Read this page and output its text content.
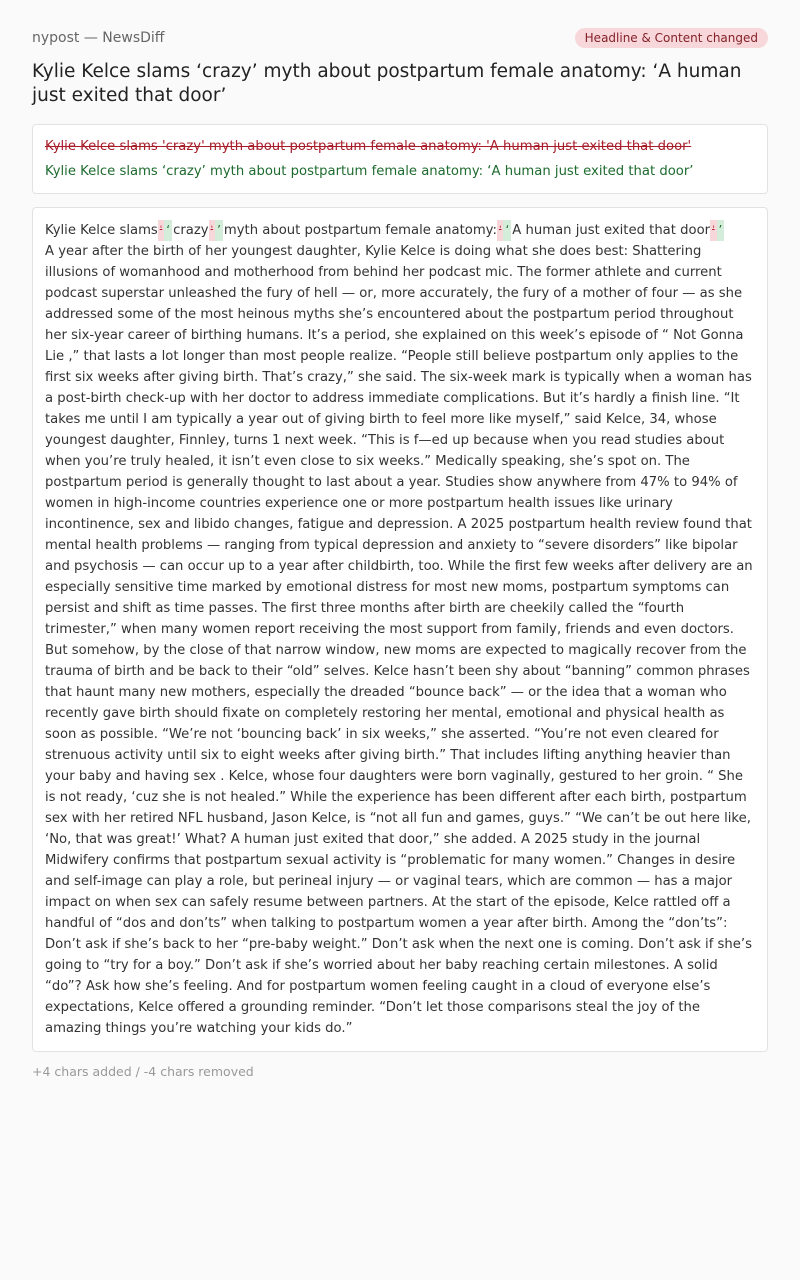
nypost — NewsDiff	Headline & Content changed
Kylie Kelce slams ‘crazy’ myth about postpartum female anatomy: ‘A human just exited that door’
Kylie Kelce slams 'crazy' myth about postpartum female anatomy: 'A human just exited that door'
Kylie Kelce slams ‘crazy’ myth about postpartum female anatomy: ‘A human just exited that door’
Kylie Kelce slams ' ‘ crazy ' ’ myth about postpartum female anatomy: ' ‘ A human just exited that door ' ’

A year after the birth of her youngest daughter, Kylie Kelce is doing what she does best: Shattering illusions of womanhood and motherhood from behind her podcast mic. The former athlete and current podcast superstar unleashed the fury of hell — or, more accurately, the fury of a mother of four — as she addressed some of the most heinous myths she’s encountered about the postpartum period throughout her six-year career of birthing humans. It’s a period, she explained on this week’s episode of “ Not Gonna Lie ,” that lasts a lot longer than most people realize. “People still believe postpartum only applies to the first six weeks after giving birth. That’s crazy,” she said. The six-week mark is typically when a woman has a post-birth check-up with her doctor to address immediate complications. But it’s hardly a finish line. “It takes me until I am typically a year out of giving birth to feel more like myself,” said Kelce, 34, whose youngest daughter, Finnley, turns 1 next week. “This is f—ed up because when you read studies about when you’re truly healed, it isn’t even close to six weeks.” Medically speaking, she’s spot on. The postpartum period is generally thought to last about a year. Studies show anywhere from 47% to 94% of women in high-income countries experience one or more postpartum health issues like urinary incontinence, sex and libido changes, fatigue and depression. A 2025 postpartum health review found that mental health problems — ranging from typical depression and anxiety to “severe disorders” like bipolar and psychosis — can occur up to a year after childbirth, too. While the first few weeks after delivery are an especially sensitive time marked by emotional distress for most new moms, postpartum symptoms can persist and shift as time passes. The first three months after birth are cheekily called the “fourth trimester,” when many women report receiving the most support from family, friends and even doctors. But somehow, by the close of that narrow window, new moms are expected to magically recover from the trauma of birth and be back to their “old” selves. Kelce hasn’t been shy about “banning” common phrases that haunt many new mothers, especially the dreaded “bounce back” — or the idea that a woman who recently gave birth should fixate on completely restoring her mental, emotional and physical health as soon as possible. “We’re not ‘bouncing back’ in six weeks,” she asserted. “You’re not even cleared for strenuous activity until six to eight weeks after giving birth.” That includes lifting anything heavier than your baby and having sex . Kelce, whose four daughters were born vaginally, gestured to her groin. “ She is not ready, ‘cuz she is not healed.” While the experience has been different after each birth, postpartum sex with her retired NFL husband, Jason Kelce, is “not all fun and games, guys.” “We can’t be out here like, ‘No, that was great!’ What? A human just exited that door,” she added. A 2025 study in the journal Midwifery confirms that postpartum sexual activity is “problematic for many women.” Changes in desire and self-image can play a role, but perineal injury — or vaginal tears, which are common — has a major impact on when sex can safely resume between partners. At the start of the episode, Kelce rattled off a handful of “dos and don’ts” when talking to postpartum women a year after birth. Among the “don’ts”: Don’t ask if she’s back to her “pre-baby weight.” Don’t ask when the next one is coming. Don’t ask if she’s going to “try for a boy.” Don’t ask if she’s worried about her baby reaching certain milestones. A solid “do”? Ask how she’s feeling. And for postpartum women feeling caught in a cloud of everyone else’s expectations, Kelce offered a grounding reminder. “Don’t let those comparisons steal the joy of the amazing things you’re watching your kids do.”

+4 chars added / -4 chars removed
